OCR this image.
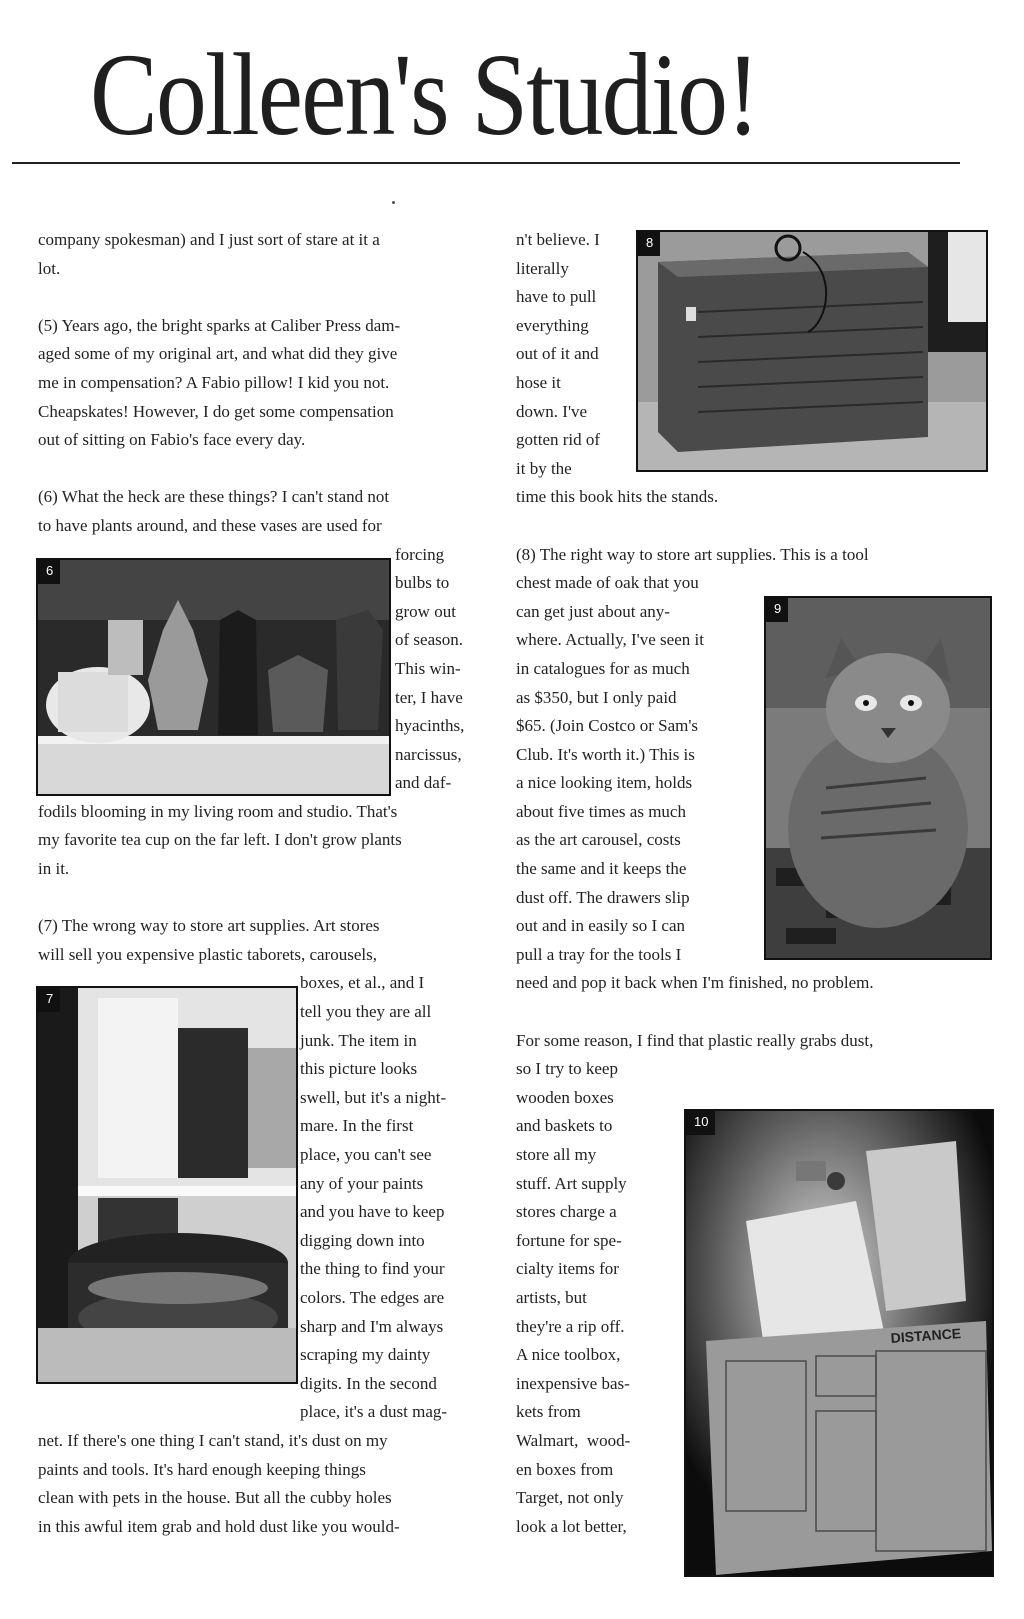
Colleen's Studio!
company spokesman) and I just sort of stare at it a
lot.
(5) Years ago, the bright sparks at Caliber Press dam-
aged some of my original art, and what did they give
me in compensation? A Fabio pillow! I kid you not.
Cheapskates! However, I do get some compensation
out of sitting on Fabio's face every day.
(6) What the heck are these things? I can't stand not
to have plants around, and these vases are used for
forcing
bulbs to
grow out
of season.
This win-
ter, I have
hyacinths,
narcissus,
and daf-
fodils blooming in my living room and studio. That's
my favorite tea cup on the far left. I don't grow plants
in it.
(7) The wrong way to store art supplies. Art stores
will sell you expensive plastic taborets, carousels,
boxes, et al., and I
tell you they are all
junk. The item in
this picture looks
swell, but it's a night-
mare. In the first
place, you can't see
any of your paints
and you have to keep
digging down into
the thing to find your
colors. The edges are
sharp and I'm always
scraping my dainty
digits. In the second
place, it's a dust mag-
net. If there's one thing I can't stand, it's dust on my
paints and tools. It's hard enough keeping things
clean with pets in the house. But all the cubby holes
in this awful item grab and hold dust like you would-
n't believe. I
literally
have to pull
everything
out of it and
hose it
down. I've
gotten rid of
it by the
time this book hits the stands.
(8) The right way to store art supplies. This is a tool
chest made of oak that you
can get just about any-
where. Actually, I've seen it
in catalogues for as much
as $350, but I only paid
$65. (Join Costco or Sam's
Club. It's worth it.) This is
a nice looking item, holds
about five times as much
as the art carousel, costs
the same and it keeps the
dust off. The drawers slip
out and in easily so I can
pull a tray for the tools I
need and pop it back when I'm finished, no problem.
For some reason, I find that plastic really grabs dust,
so I try to keep
wooden boxes
and baskets to
store all my
stuff. Art supply
stores charge a
fortune for spe-
cialty items for
artists, but
they're a rip off.
A nice toolbox,
inexpensive bas-
kets from
Walmart,  wood-
en boxes from
Target, not only
look a lot better,
6
7
8
9
DISTANCE
10
